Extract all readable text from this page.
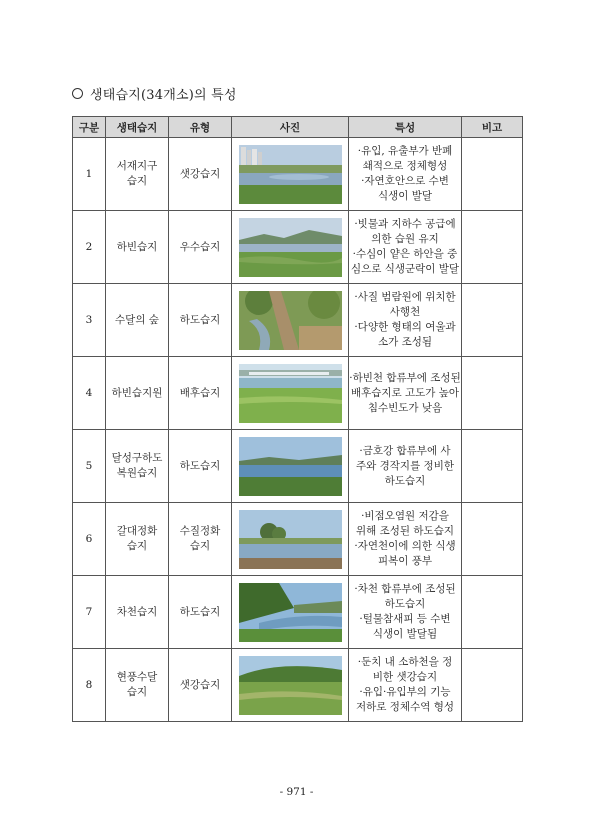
생태습지(34개소)의 특성
구분	생태습지	유형	사진	특성	비고
1	서재지구
습지	샛강습지		·유입, 유출부가 반폐
쇄적으로 정체형성
·자연호안으로 수변
식생이 발달	
2	하빈습지	우수습지		·빗물과 지하수 공급에
의한 습원 유지
·수심이 얕은 하안을 중
심으로 식생군락이 발달	
3	수달의 숲	하도습지		·사질 범람원에 위치한
사행천
·다양한 형태의 여울과
소가 조성됨	
4	하빈습지원	배후습지		·하빈천 합류부에 조성된
배후습지로 고도가 높아
침수빈도가 낮음	
5	달성구하도
복원습지	하도습지		·금호강 합류부에 사
주와 경작지를 정비한
하도습지	
6	갈대정화
습지	수질정화
습지		·비점오염원 저감을
위해 조성된 하도습지
·자연천이에 의한 식생
피복이 풍부	
7	차천습지	하도습지		·차천 합류부에 조성된
하도습지
·털물참새피 등 수변
식생이 발달됨	
8	현풍수달
습지	샛강습지		·둔치 내 소하천을 정
비한 샛강습지
·유입·유입부의 기능
저하로 정체수역 형성	
- 971 -
